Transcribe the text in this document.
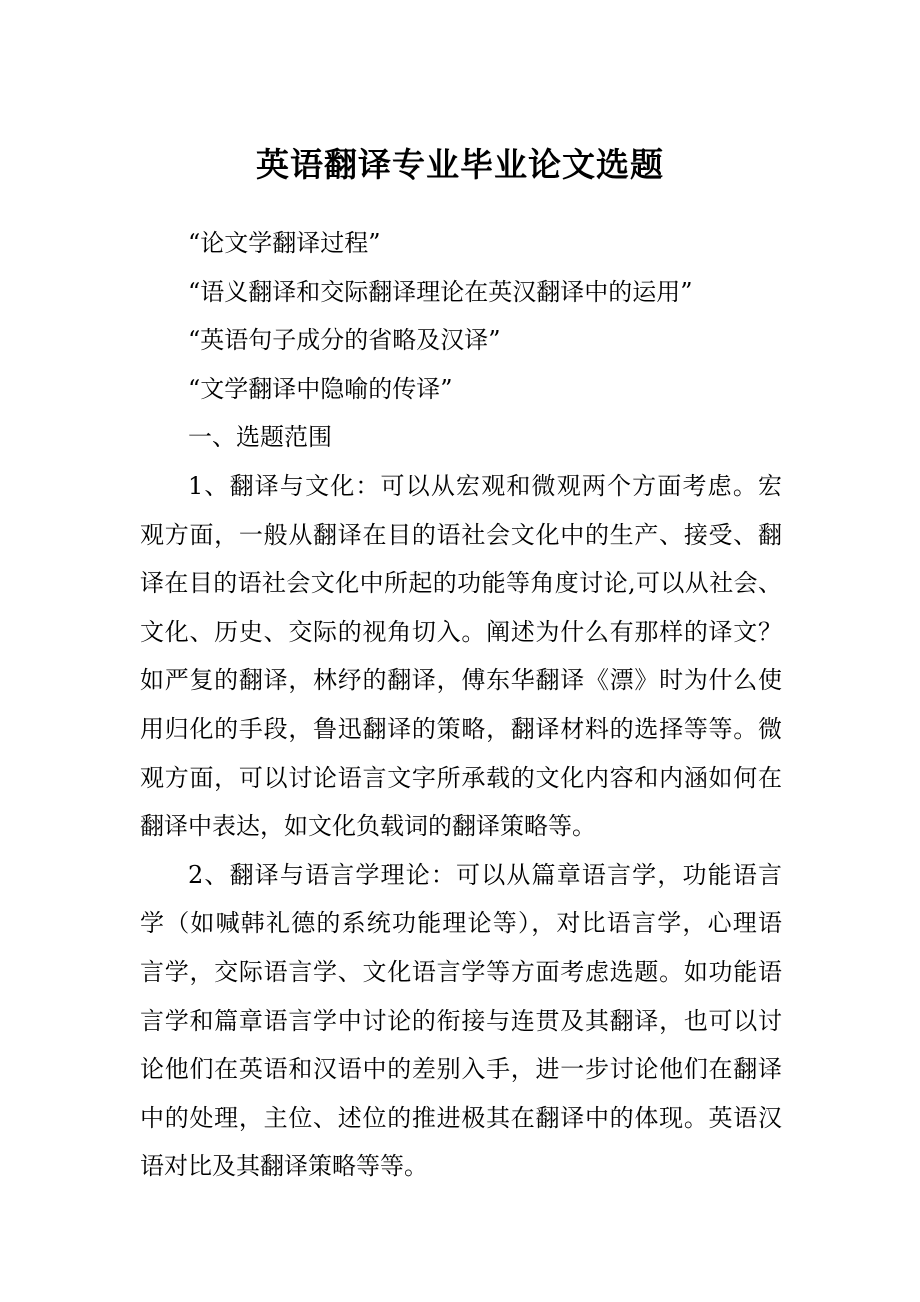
英语翻译专业毕业论文选题
“论文学翻译过程”
“语义翻译和交际翻译理论在英汉翻译中的运用”
“英语句子成分的省略及汉译”
“文学翻译中隐喻的传译”
一、选题范围
1、翻译与文化：可以从宏观和微观两个方面考虑。宏
观方面，一般从翻译在目的语社会文化中的生产、接受、翻
译在目的语社会文化中所起的功能等角度讨论,可以从社会、
文化、历史、交际的视角切入。阐述为什么有那样的译文？
如严复的翻译，林纾的翻译，傅东华翻译《漂》时为什么使
用归化的手段，鲁迅翻译的策略，翻译材料的选择等等。微
观方面，可以讨论语言文字所承载的文化内容和内涵如何在
翻译中表达，如文化负载词的翻译策略等。
2、翻译与语言学理论：可以从篇章语言学，功能语言
学（如喊韩礼德的系统功能理论等），对比语言学，心理语
言学，交际语言学、文化语言学等方面考虑选题。如功能语
言学和篇章语言学中讨论的衔接与连贯及其翻译，也可以讨
论他们在英语和汉语中的差别入手，进一步讨论他们在翻译
中的处理，主位、述位的推进极其在翻译中的体现。英语汉
语对比及其翻译策略等等。
